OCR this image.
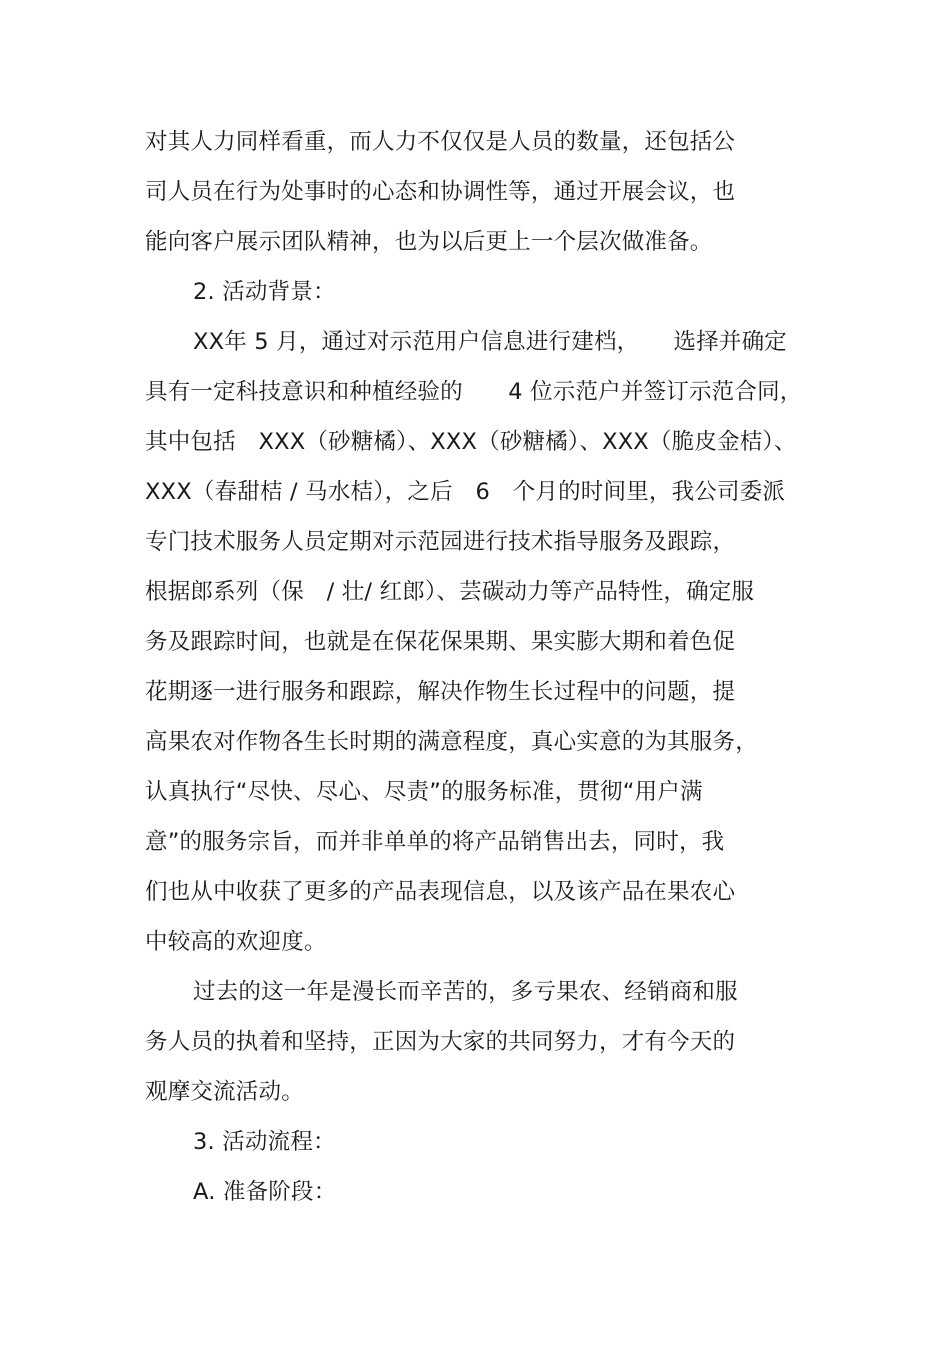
对其人力同样看重，而人力不仅仅是人员的数量，还包括公
司人员在行为处事时的心态和协调性等，通过开展会议，也
能向客户展示团队精神，也为以后更上一个层次做准备。
2. 活动背景：
XX年 5 月，通过对示范用户信息进行建档，　　选择并确定
具有一定科技意识和种植经验的　　4 位示范户并签订示范合同，
其中包括　XXX（砂糖橘）、XXX（砂糖橘）、XXX（脆皮金桔）、
XXX（春甜桔 / 马水桔），之后　6　个月的时间里，我公司委派
专门技术服务人员定期对示范园进行技术指导服务及跟踪，
根据郎系列（保　/ 壮/ 红郎）、芸碳动力等产品特性，确定服
务及跟踪时间，也就是在保花保果期、果实膨大期和着色促
花期逐一进行服务和跟踪，解决作物生长过程中的问题，提
高果农对作物各生长时期的满意程度，真心实意的为其服务，
认真执行“尽快、尽心、尽责”的服务标准，贯彻“用户满
意”的服务宗旨，而并非单单的将产品销售出去，同时，我
们也从中收获了更多的产品表现信息，以及该产品在果农心
中较高的欢迎度。
过去的这一年是漫长而辛苦的，多亏果农、经销商和服
务人员的执着和坚持，正因为大家的共同努力，才有今天的
观摩交流活动。
3. 活动流程：
A. 准备阶段：
